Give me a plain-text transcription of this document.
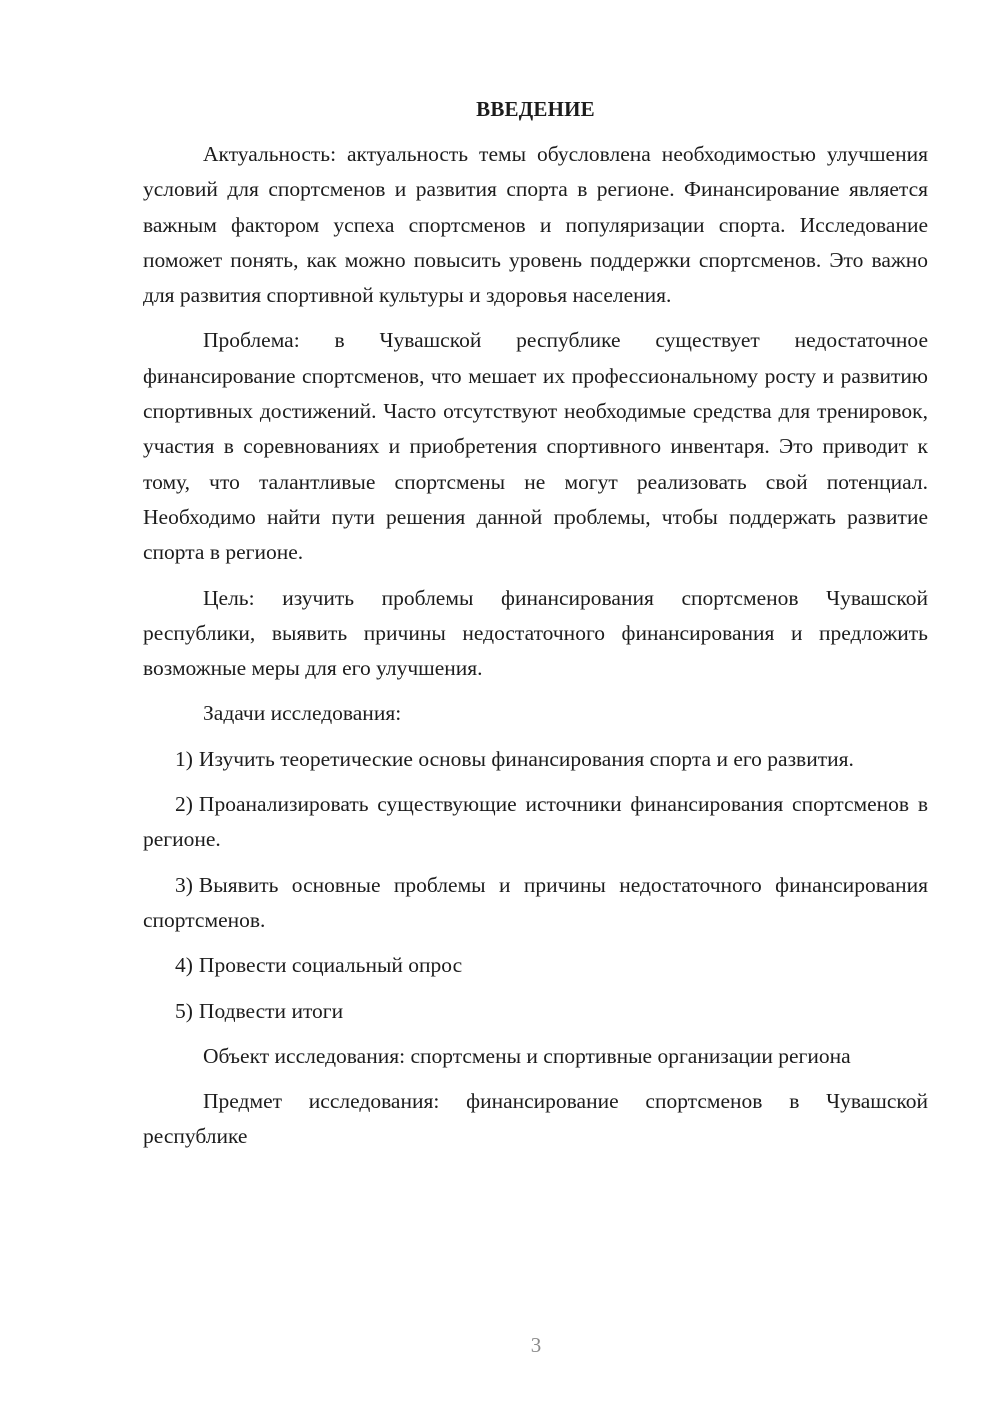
ВВЕДЕНИЕ

Актуальность: актуальность темы обусловлена необходимостью улучшения условий для спортсменов и развития спорта в регионе. Финансирование является важным фактором успеха спортсменов и популяризации спорта. Исследование поможет понять, как можно повысить уровень поддержки спортсменов. Это важно для развития спортивной культуры и здоровья населения.

Проблема: в Чувашской республике существует недостаточное финансирование спортсменов, что мешает их профессиональному росту и развитию спортивных достижений. Часто отсутствуют необходимые средства для тренировок, участия в соревнованиях и приобретения спортивного инвентаря. Это приводит к тому, что талантливые спортсмены не могут реализовать свой потенциал. Необходимо найти пути решения данной проблемы, чтобы поддержать развитие спорта в регионе.

Цель: изучить проблемы финансирования спортсменов Чувашской республики, выявить причины недостаточного финансирования и предложить возможные меры для его улучшения.

Задачи исследования:

1) Изучить теоретические основы финансирования спорта и его развития.

2) Проанализировать существующие источники финансирования спортсменов в регионе.

3) Выявить основные проблемы и причины недостаточного финансирования спортсменов.

4) Провести социальный опрос

5) Подвести итоги

Объект исследования: спортсмены и спортивные организации региона

Предмет исследования: финансирование спортсменов в Чувашской республике

3
